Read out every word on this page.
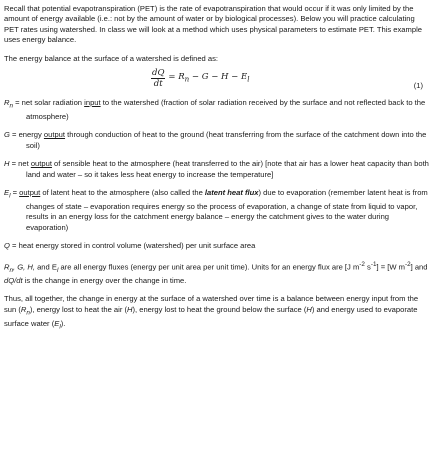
Recall that potential evapotranspiration (PET) is the rate of evapotranspiration that would occur if it was only limited by the amount of energy available (i.e.: not by the amount of water or by biological processes). Below you will practice calculating PET rates using watershed. In class we will look at a method which uses physical parameters to estimate PET. This example uses energy balance.

The energy balance at the surface of a watershed is defined as:

$\frac{dQ}{dt} = R_n - G - H - E_l$
(1)

$R_n$ = net solar radiation input to the watershed (fraction of solar radiation received by the surface and not reflected back to the atmosphere)

G = energy output through conduction of heat to the ground (heat transferring from the surface of the catchment down into the soil)

H = net output of sensible heat to the atmosphere (heat transferred to the air) [note that air has a lower heat capacity than both land and water – so it takes less heat energy to increase the temperature]

$E_l$ = output of latent heat to the atmosphere (also called the latent heat flux) due to evaporation (remember latent heat is from changes of state – evaporation requires energy so the process of evaporation, a change of state from liquid to vapor, results in an energy loss for the catchment energy balance – energy the catchment gives to the water during evaporation)

Q = heat energy stored in control volume (watershed) per unit surface area

$R_n$, G, H, and $E_l$ are all energy fluxes (energy per unit area per unit time). Units for an energy flux are [J $m^{-2}$ $s^{-1}] = [W$ $m^{-2}$] and dQ/dt is the change in energy over the change in time.

Thus, all together, the change in energy at the surface of a watershed over time is a balance between energy input from the sun $(R_n)$, energy lost to heat the air (H), energy lost to heat the ground below the surface (H) and energy used to evaporate surface water $(E_l)$.
